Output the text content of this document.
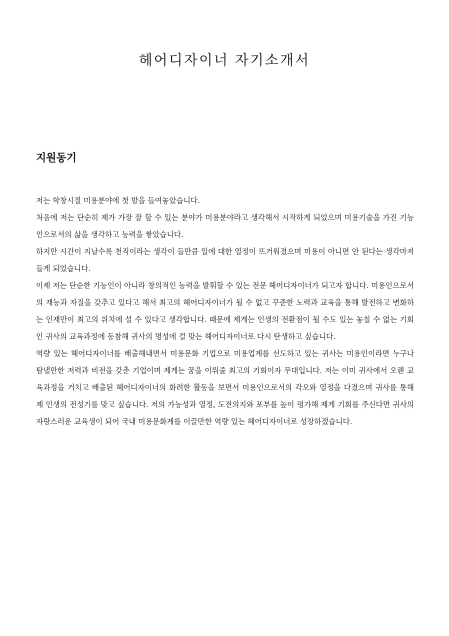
헤어디자이너 자기소개서
지원동기

저는 학창시절 미용분야에 첫 발을 들여놓았습니다.

처음에 저는 단순히 제가 가장 잘 할 수 있는 분야가 미용분야라고 생각해서 시작하게 되었으며 미용기술을 가진 기능인으로서의 삶을 생각하고 능력을 쌓았습니다.

하지만 시간이 지날수록 천직이라는 생각이 들만큼 일에 대한 열정이 뜨거워졌으며 미용이 아니면 안 된다는 생각마저 들게 되었습니다.

이제 저는 단순한 기능인이 아니라 창의적인 능력을 발휘할 수 있는 전문 헤어디자이너가 되고자 합니다. 미용인으로서의 재능과 자질을 갖추고 있다고 해서 최고의 헤어디자이너가 될 수 없고 꾸준한 노력과 교육을 통해 발전하고 변화하는 인재만이 최고의 위치에 설 수 있다고 생각합니다. 때문에 제게는 인생의 전환점이 될 수도 있는 놓칠 수 없는 기회인 귀사의 교육과정에 동참해 귀사의 명성에 걸 맞는 헤어디자이너로 다시 탄생하고 싶습니다.

역량 있는 헤어디자이너를 배출해내면서 미용문화 기업으로 미용업계를 선도하고 있는 귀사는 미용인이라면 누구나 탐낼만한 저력과 비전을 갖춘 기업이며 제게는 꿈을 이뤄줄 최고의 기회이자 무대입니다. 저는 이미 귀사에서 오랜 교육과정을 거치고 배출된 헤어디자이너의 화려한 활동을 보면서 미용인으로서의 각오와 열정을 다졌으며 귀사를 통해 제 인생의 전성기를 맞고 싶습니다. 저의 가능성과 열정, 도전의지와 포부를 높이 평가해 제게 기회를 주신다면 귀사의 자랑스러운 교육생이 되어 국내 미용문화계를 이끌만한 역량 있는 헤어디자이너로 성장하겠습니다.
